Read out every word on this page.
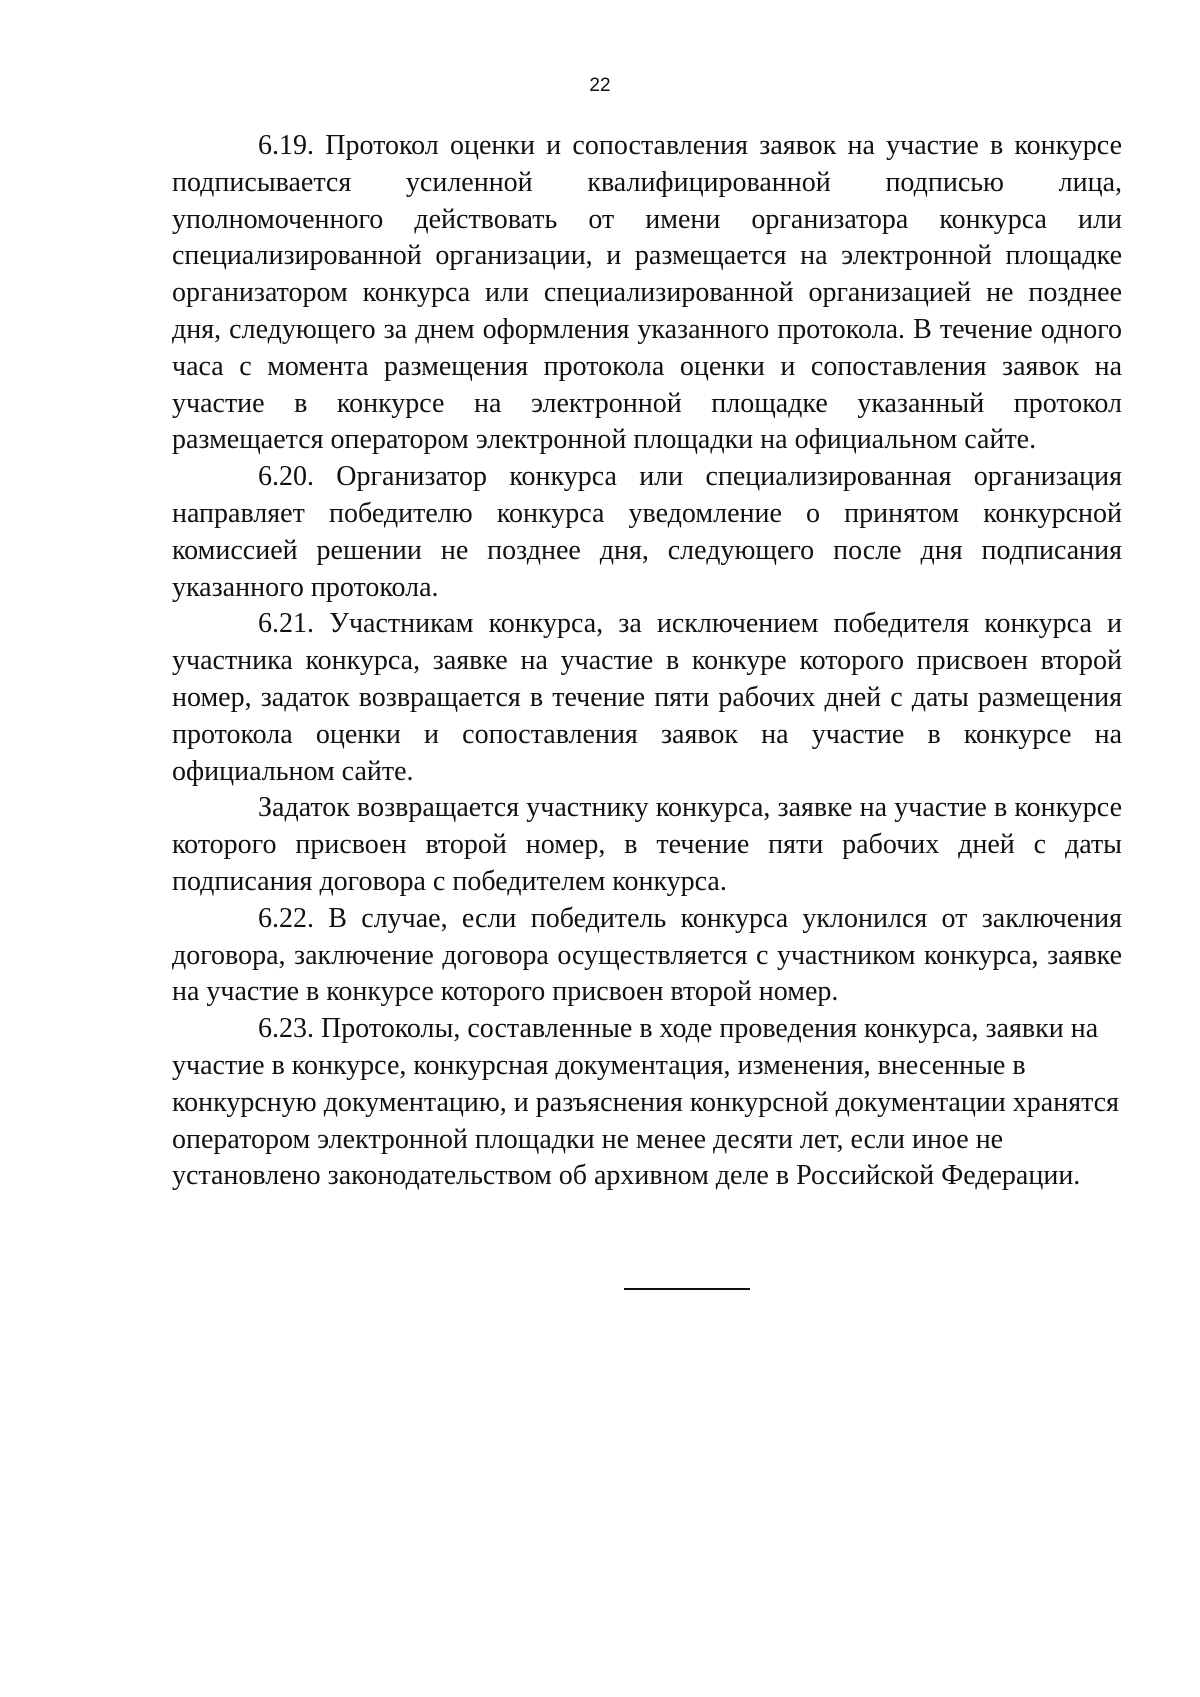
22

6.19. Протокол оценки и сопоставления заявок на участие в конкурсе подписывается усиленной квалифицированной подписью лица, уполномоченного действовать от имени организатора конкурса или специализированной организации, и размещается на электронной площадке организатором конкурса или специализированной организацией не позднее дня, следующего за днем оформления указанного протокола. В течение одного часа с момента размещения протокола оценки и сопоставления заявок на участие в конкурсе на электронной площадке указанный протокол размещается оператором электронной площадки на официальном сайте.

6.20. Организатор конкурса или специализированная организация направляет победителю конкурса уведомление о принятом конкурсной комиссией решении не позднее дня, следующего после дня подписания указанного протокола.

6.21. Участникам конкурса, за исключением победителя конкурса и участника конкурса, заявке на участие в конкуре которого присвоен второй номер, задаток возвращается в течение пяти рабочих дней с даты размещения протокола оценки и сопоставления заявок на участие в конкурсе на официальном сайте.

Задаток возвращается участнику конкурса, заявке на участие в конкурсе которого присвоен второй номер, в течение пяти рабочих дней с даты подписания договора с победителем конкурса.

6.22. В случае, если победитель конкурса уклонился от заключения договора, заключение договора осуществляется с участником конкурса, заявке на участие в конкурсе которого присвоен второй номер.

6.23. Протоколы, составленные в ходе проведения конкурса, заявки на участие в конкурсе, конкурсная документация, изменения, внесенные в конкурсную документацию, и разъяснения конкурсной документации хранятся оператором электронной площадки не менее десяти лет, если иное не установлено законодательством об архивном деле в Российской Федерации.
